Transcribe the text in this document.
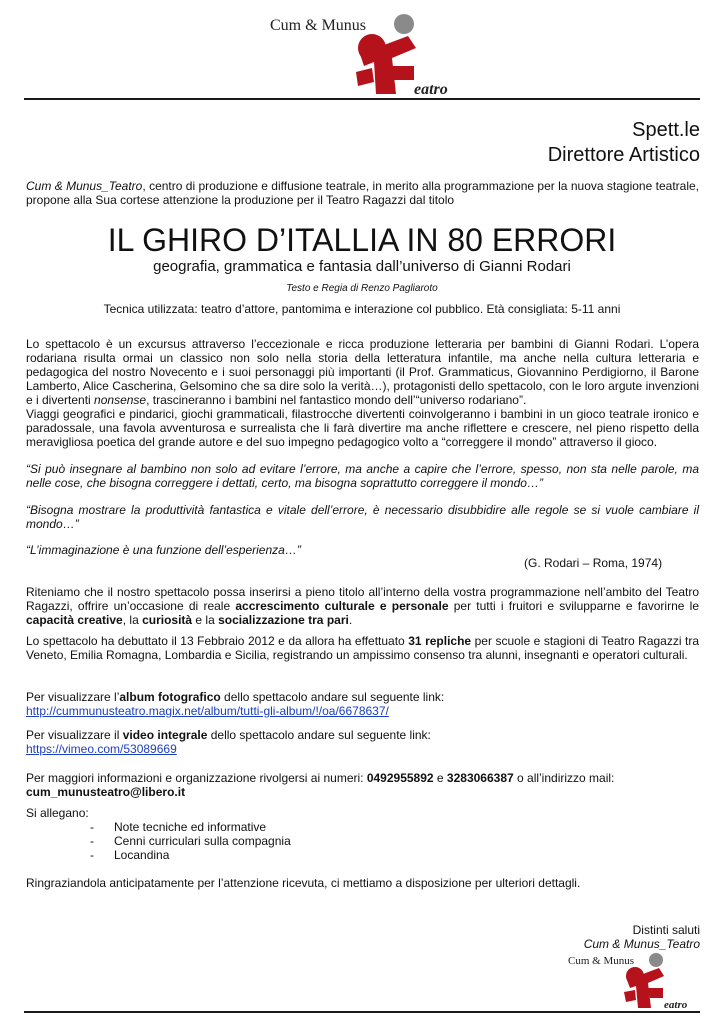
Cum & Munus
eatro
Spett.le
Direttore Artistico
Cum & Munus_Teatro, centro di produzione e diffusione teatrale, in merito alla programmazione per la nuova stagione teatrale, propone alla Sua cortese attenzione la produzione per il Teatro Ragazzi dal titolo
IL GHIRO D’ITALLIA IN 80 ERRORI
geografia, grammatica e fantasia dall’universo di Gianni Rodari
Testo e Regia di Renzo Pagliaroto
Tecnica utilizzata: teatro d’attore, pantomima e interazione col pubblico. Età consigliata: 5-11 anni
Lo spettacolo è un excursus attraverso l’eccezionale e ricca produzione letteraria per bambini di Gianni Rodari. L’opera rodariana risulta ormai un classico non solo nella storia della letteratura infantile, ma anche nella cultura letteraria e pedagogica del nostro Novecento e i suoi personaggi più importanti (il Prof. Grammaticus, Giovannino Perdigiorno, il Barone Lamberto, Alice Cascherina, Gelsomino che sa dire solo la verità…), protagonisti dello spettacolo, con le loro argute invenzioni e i divertenti nonsense, trascineranno i bambini nel fantastico mondo dell’“universo rodariano”.
Viaggi geografici e pindarici, giochi grammaticali, filastrocche divertenti coinvolgeranno i bambini in un gioco teatrale ironico e paradossale, una favola avventurosa e surrealista che li farà divertire ma anche riflettere e crescere, nel pieno rispetto della meravigliosa poetica del grande autore e del suo impegno pedagogico volto a “correggere il mondo” attraverso il gioco.
“Si può insegnare al bambino non solo ad evitare l’errore, ma anche a capire che l’errore, spesso, non sta nelle parole, ma nelle cose, che bisogna correggere i dettati, certo, ma bisogna soprattutto correggere il mondo…”
“Bisogna mostrare la produttività fantastica e vitale dell’errore, è necessario disubbidire alle regole se si vuole cambiare il mondo…”
“L’immaginazione è una funzione dell’esperienza…”
(G. Rodari – Roma, 1974)
Riteniamo che il nostro spettacolo possa inserirsi a pieno titolo all’interno della vostra programmazione nell’ambito del Teatro Ragazzi, offrire un’occasione di reale accrescimento culturale e personale per tutti i fruitori e svilupparne e favorirne le capacità creative, la curiosità e la socializzazione tra pari.
Lo spettacolo ha debuttato il 13 Febbraio 2012 e da allora ha effettuato 31 repliche per scuole e stagioni di Teatro Ragazzi tra Veneto, Emilia Romagna, Lombardia e Sicilia, registrando un ampissimo consenso tra alunni, insegnanti e operatori culturali.
Per visualizzare l’album fotografico dello spettacolo andare sul seguente link:
http://cummunusteatro.magix.net/album/tutti-gli-album/!/oa/6678637/
Per visualizzare il video integrale dello spettacolo andare sul seguente link:
https://vimeo.com/53089669
Per maggiori informazioni e organizzazione rivolgersi ai numeri: 0492955892 e 3283066387 o all’indirizzo mail:
cum_munusteatro@libero.it
Si allegano:
- Note tecniche ed informative
- Cenni curriculari sulla compagnia
- Locandina
Ringraziandola anticipatamente per l’attenzione ricevuta, ci mettiamo a disposizione per ulteriori dettagli.
Distinti saluti
Cum & Munus_Teatro
Cum & Munus
eatro
